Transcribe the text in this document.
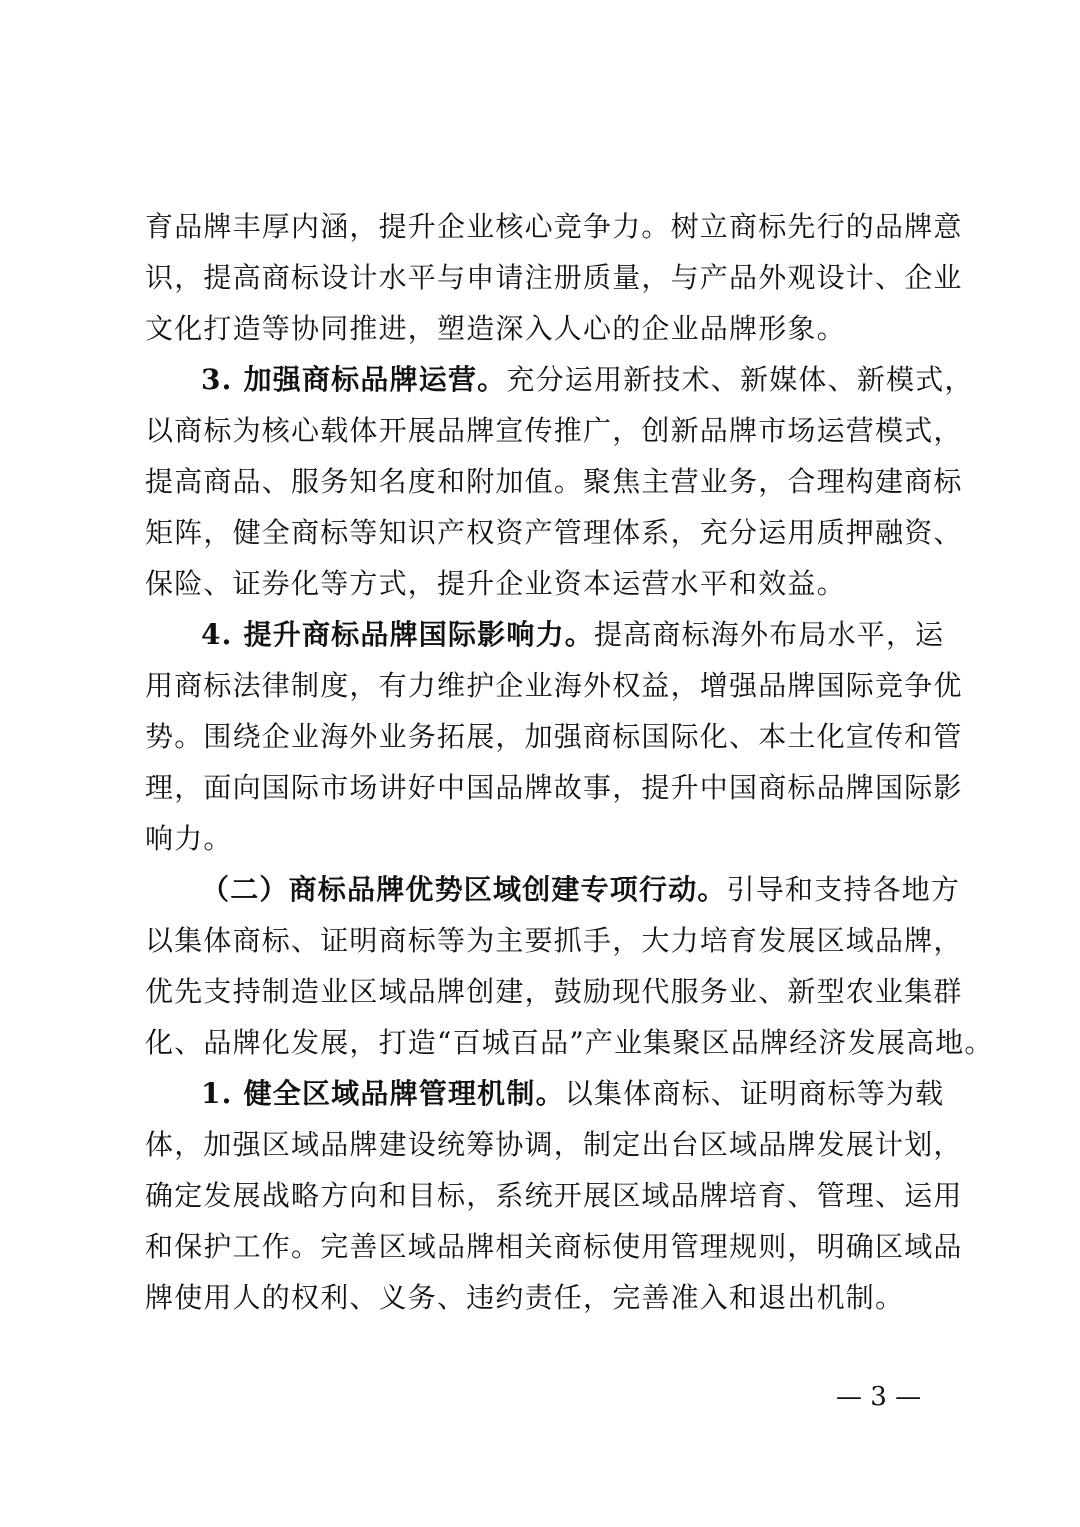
育品牌丰厚内涵，提升企业核心竞争力。树立商标先行的品牌意
识，提高商标设计水平与申请注册质量，与产品外观设计、企业
文化打造等协同推进，塑造深入人心的企业品牌形象。
3. 加强商标品牌运营。充分运用新技术、新媒体、新模式，
以商标为核心载体开展品牌宣传推广，创新品牌市场运营模式，
提高商品、服务知名度和附加值。聚焦主营业务，合理构建商标
矩阵，健全商标等知识产权资产管理体系，充分运用质押融资、
保险、证券化等方式，提升企业资本运营水平和效益。
4. 提升商标品牌国际影响力。提高商标海外布局水平，运
用商标法律制度，有力维护企业海外权益，增强品牌国际竞争优
势。围绕企业海外业务拓展，加强商标国际化、本土化宣传和管
理，面向国际市场讲好中国品牌故事，提升中国商标品牌国际影
响力。
（二）商标品牌优势区域创建专项行动。引导和支持各地方
以集体商标、证明商标等为主要抓手，大力培育发展区域品牌，
优先支持制造业区域品牌创建，鼓励现代服务业、新型农业集群
化、品牌化发展，打造“百城百品”产业集聚区品牌经济发展高地。
1. 健全区域品牌管理机制。以集体商标、证明商标等为载
体，加强区域品牌建设统筹协调，制定出台区域品牌发展计划，
确定发展战略方向和目标，系统开展区域品牌培育、管理、运用
和保护工作。完善区域品牌相关商标使用管理规则，明确区域品
牌使用人的权利、义务、违约责任，完善准入和退出机制。
— 3 —
